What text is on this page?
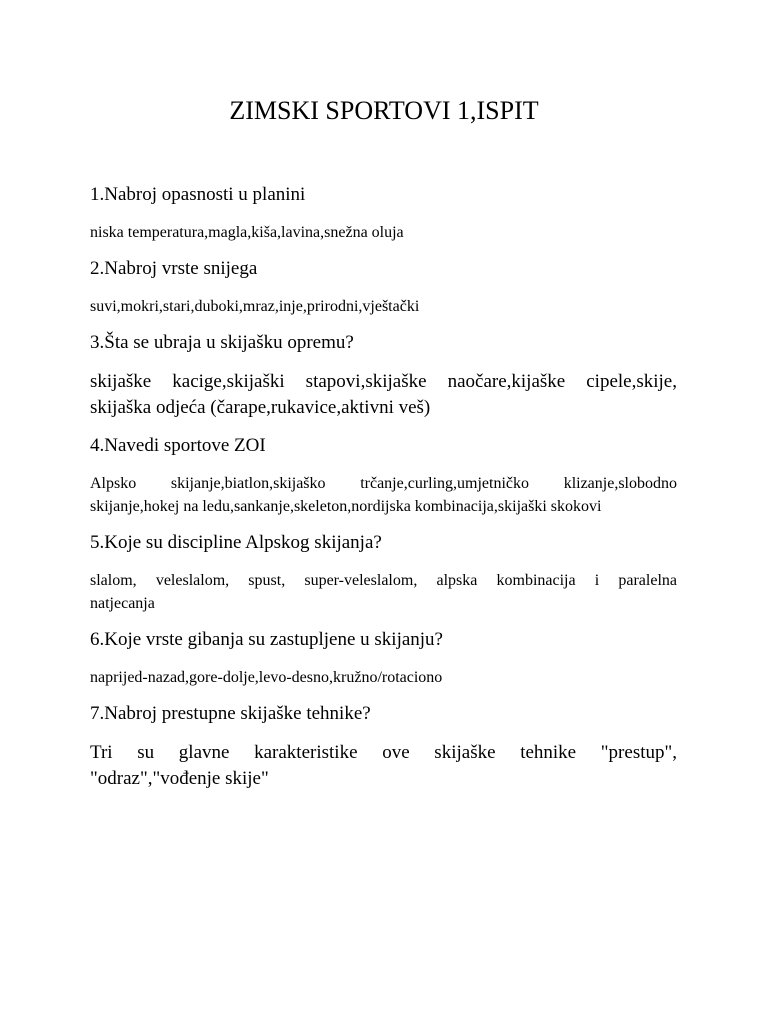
ZIMSKI SPORTOVI 1,ISPIT
1.Nabroj opasnosti u planini
niska temperatura,magla,kiša,lavina,snežna oluja
2.Nabroj vrste snijega
suvi,mokri,stari,duboki,mraz,inje,prirodni,vještački
3.Šta se ubraja u skijašku opremu?
skijaške kacige,skijaški stapovi,skijaške naočare,kijaške cipele,skije,
skijaška odjeća (čarape,rukavice,aktivni veš)
4.Navedi sportove ZOI
Alpsko skijanje,biatlon,skijaško trčanje,curling,umjetničko klizanje,slobodno
skijanje,hokej na ledu,sankanje,skeleton,nordijska kombinacija,skijaški skokovi
5.Koje su discipline Alpskog skijanja?
slalom, veleslalom, spust, super-veleslalom, alpska kombinacija i paralelna
natjecanja
6.Koje vrste gibanja su zastupljene u skijanju?
naprijed-nazad,gore-dolje,levo-desno,kružno/rotaciono
7.Nabroj prestupne skijaške tehnike?
Tri su glavne karakteristike ove skijaške tehnike "prestup",
"odraz","vođenje skije"
